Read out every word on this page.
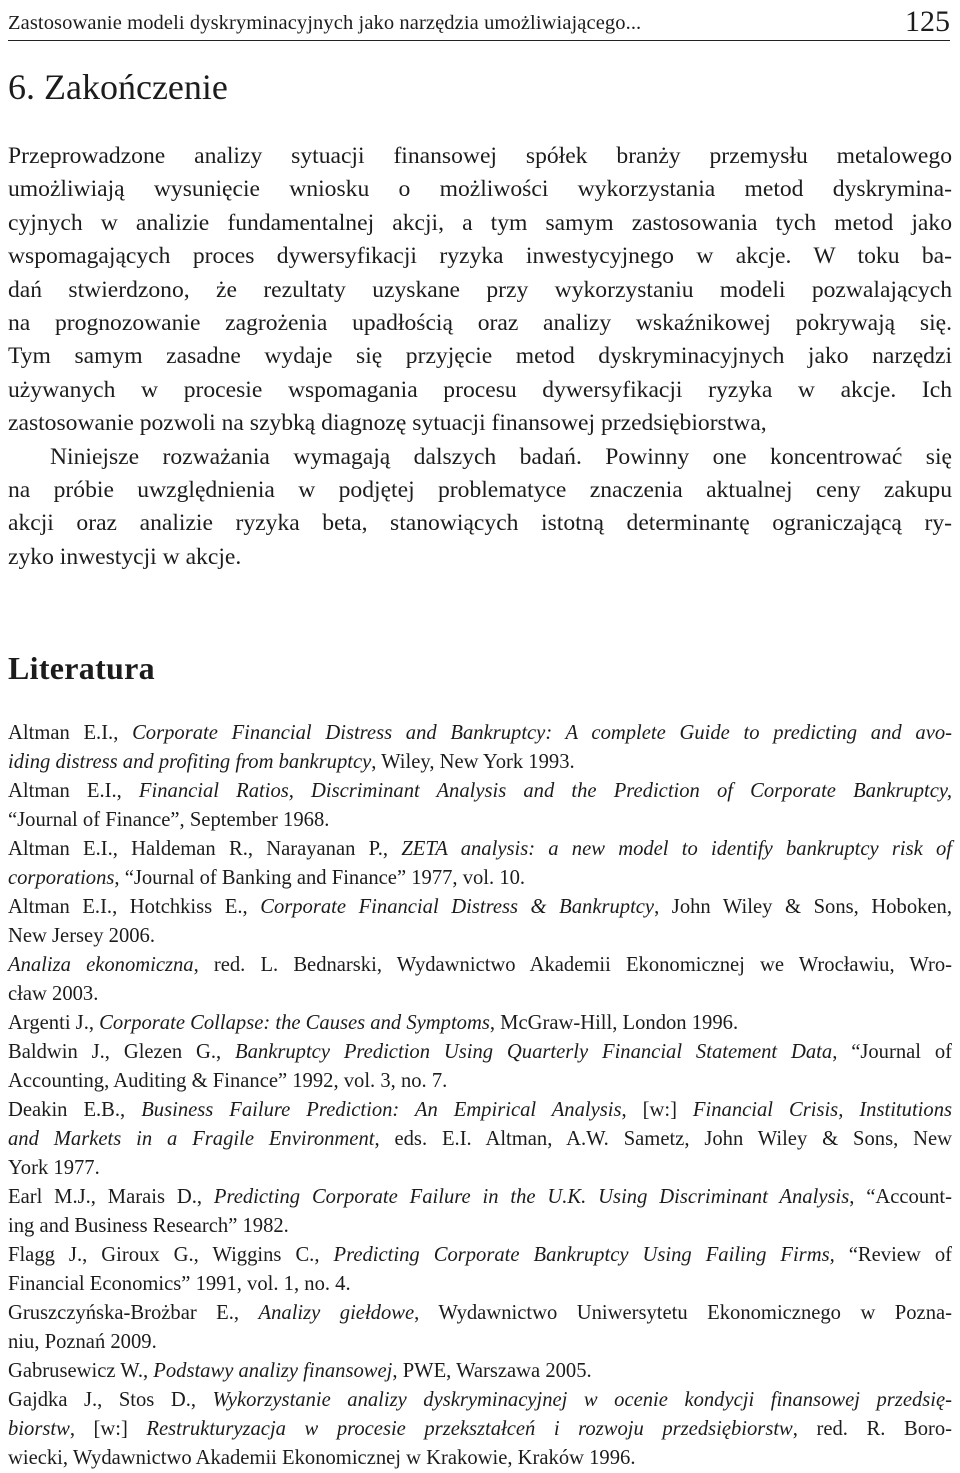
Zastosowanie modeli dyskryminacyjnych jako narzędzia umożliwiającego...	125
6. Zakończenie
Przeprowadzone analizy sytuacji finansowej spółek branży przemysłu metalowego
umożliwiają wysunięcie wniosku o możliwości wykorzystania metod dyskrymina-
cyjnych w analizie fundamentalnej akcji, a tym samym zastosowania tych metod jako
wspomagających proces dywersyfikacji ryzyka inwestycyjnego w akcje. W toku ba-
dań stwierdzono, że rezultaty uzyskane przy wykorzystaniu modeli pozwalających
na prognozowanie zagrożenia upadłością oraz analizy wskaźnikowej pokrywają się.
Tym samym zasadne wydaje się przyjęcie metod dyskryminacyjnych jako narzędzi
używanych w procesie wspomagania procesu dywersyfikacji ryzyka w akcje. Ich
zastosowanie pozwoli na szybką diagnozę sytuacji finansowej przedsiębiorstwa,
Niniejsze rozważania wymagają dalszych badań. Powinny one koncentrować się
na próbie uwzględnienia w podjętej problematyce znaczenia aktualnej ceny zakupu
akcji oraz analizie ryzyka beta, stanowiących istotną determinantę ograniczającą ry-
zyko inwestycji w akcje.
Literatura
Altman E.I., Corporate Financial Distress and Bankruptcy: A complete Guide to predicting and avo-
iding distress and profiting from bankruptcy, Wiley, New York 1993.
Altman E.I., Financial Ratios, Discriminant Analysis and the Prediction of Corporate Bankruptcy,
“Journal of Finance”, September 1968.
Altman E.I., Haldeman R., Narayanan P., ZETA analysis: a new model to identify bankruptcy risk of
corporations, “Journal of Banking and Finance” 1977, vol. 10.
Altman E.I., Hotchkiss E., Corporate Financial Distress & Bankruptcy, John Wiley & Sons, Hoboken,
New Jersey 2006.
Analiza ekonomiczna, red. L. Bednarski, Wydawnictwo Akademii Ekonomicznej we Wrocławiu, Wro-
cław 2003.
Argenti J., Corporate Collapse: the Causes and Symptoms, McGraw-Hill, London 1996.
Baldwin J., Glezen G., Bankruptcy Prediction Using Quarterly Financial Statement Data, “Journal of
Accounting, Auditing & Finance” 1992, vol. 3, no. 7.
Deakin E.B., Business Failure Prediction: An Empirical Analysis, [w:] Financial Crisis, Institutions
and Markets in a Fragile Environment, eds. E.I. Altman, A.W. Sametz, John Wiley & Sons, New
York 1977.
Earl M.J., Marais D., Predicting Corporate Failure in the U.K. Using Discriminant Analysis, “Account-
ing and Business Research” 1982.
Flagg J., Giroux G., Wiggins C., Predicting Corporate Bankruptcy Using Failing Firms, “Review of
Financial Economics” 1991, vol. 1, no. 4.
Gruszczyńska-Brożbar E., Analizy giełdowe, Wydawnictwo Uniwersytetu Ekonomicznego w Pozna-
niu, Poznań 2009.
Gabrusewicz W., Podstawy analizy finansowej, PWE, Warszawa 2005.
Gajdka J., Stos D., Wykorzystanie analizy dyskryminacyjnej w ocenie kondycji finansowej przedsię-
biorstw, [w:] Restrukturyzacja w procesie przekształceń i rozwoju przedsiębiorstw, red. R. Boro-
wiecki, Wydawnictwo Akademii Ekonomicznej w Krakowie, Kraków 1996.
